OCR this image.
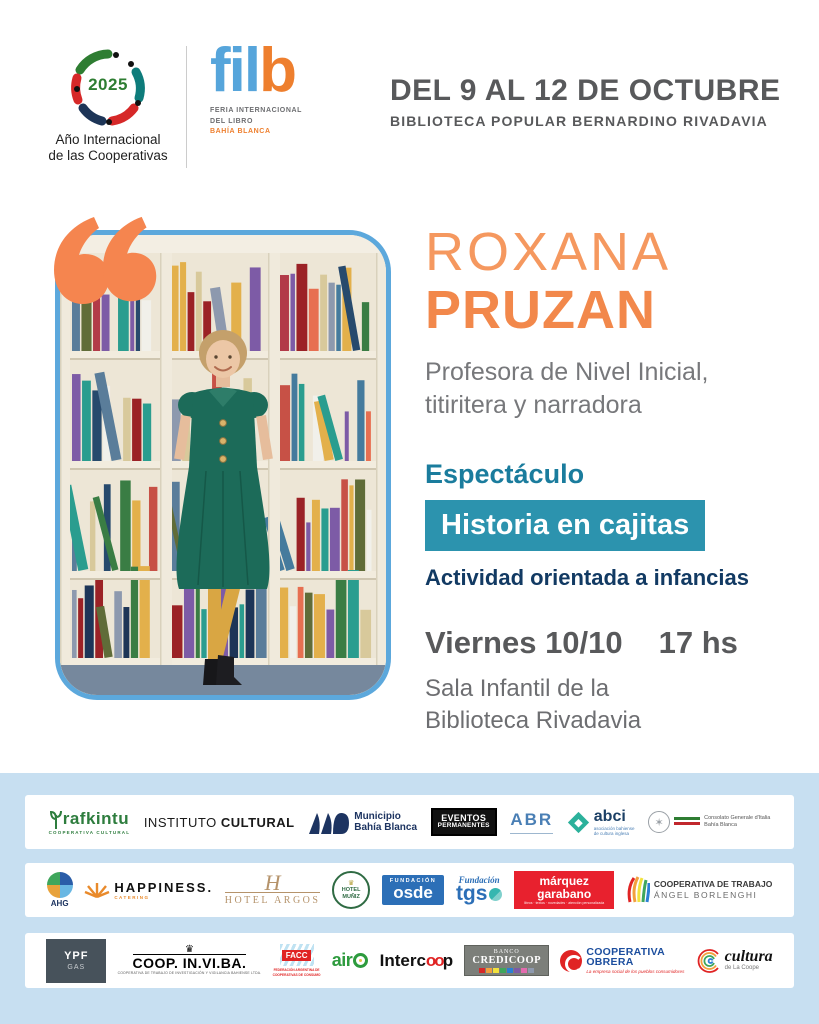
2025
Año Internacional
de las Cooperativas
filb
FERIA INTERNACIONAL
DEL LIBRO
BAHÍA BLANCA
DEL 9 AL 12 DE OCTUBRE
BIBLIOTECA POPULAR BERNARDINO RIVADAVIA
ROXANA
PRUZAN
Profesora de Nivel Inicial,
titiritera y narradora
Espectáculo
Historia en cajitas
Actividad orientada a infancias
Viernes 10/10 17 hs
Sala Infantil de la
Biblioteca Rivadavia
rafkintu
COOPERATIVA CULTURAL
INSTITUTO CULTURAL	Municipio
Bahía Blanca
EVENTOS
PERMANENTES ABR	abci
asociación bahiense
de cultura inglesa
✶	Consolato Generale d'Italia
Bahía Blanca
AHG
HAPPINESS.
CATERING
H
HOTEL ARGOS
♛
HOTEL
MUÑIZ
FUNDACIÓN
osde
Fundación
tgs
márquez
garabano
libros · textos · novedades · atención personalizada
COOPERATIVA DE TRABAJO
ÁNGEL BORLENGHI
YPF
GAS
♛
COOP. IN.VI.BA.
COOPERATIVA DE TRABAJO DE INVESTIGACIÓN Y VIGILANCIA BAHIENSE LTDA.
FACC
FEDERACIÓN ARGENTINA DE
COOPERATIVAS DE CONSUMO
air Intercoop	BANCO
CREDICOOP
COOPERATIVA
OBRERA
La empresa social de los pueblos consumidores
cultura
de La Coope
